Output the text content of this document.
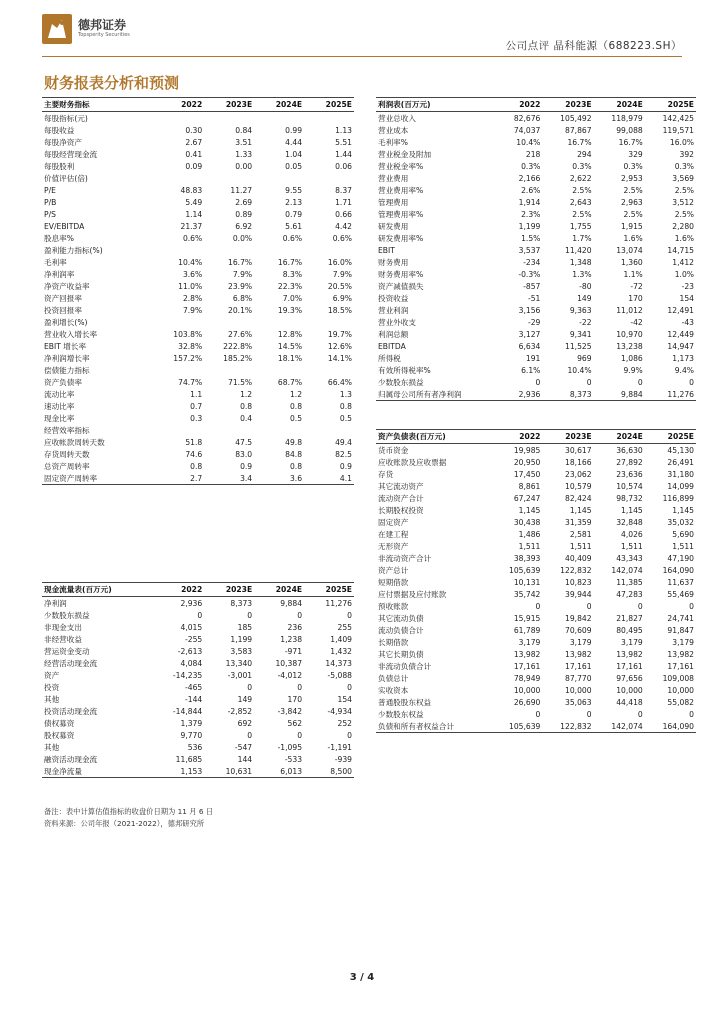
德邦证券
Topsperity Securities
公司点评 晶科能源（688223.SH）
财务报表分析和预测
主要财务指标	2022	2023E	2024E	2025E
每股指标(元)				
每股收益	0.30	0.84	0.99	1.13
每股净资产	2.67	3.51	4.44	5.51
每股经营现金流	0.41	1.33	1.04	1.44
每股股利	0.09	0.00	0.05	0.06
价值评估(倍)				
P/E	48.83	11.27	9.55	8.37
P/B	5.49	2.69	2.13	1.71
P/S	1.14	0.89	0.79	0.66
EV/EBITDA	21.37	6.92	5.61	4.42
股息率%	0.6%	0.0%	0.6%	0.6%
盈利能力指标(%)				
毛利率	10.4%	16.7%	16.7%	16.0%
净利润率	3.6%	7.9%	8.3%	7.9%
净资产收益率	11.0%	23.9%	22.3%	20.5%
资产回报率	2.8%	6.8%	7.0%	6.9%
投资回报率	7.9%	20.1%	19.3%	18.5%
盈利增长(%)				
营业收入增长率	103.8%	27.6%	12.8%	19.7%
EBIT 增长率	32.8%	222.8%	14.5%	12.6%
净利润增长率	157.2%	185.2%	18.1%	14.1%
偿债能力指标				
资产负债率	74.7%	71.5%	68.7%	66.4%
流动比率	1.1	1.2	1.2	1.3
速动比率	0.7	0.8	0.8	0.8
现金比率	0.3	0.4	0.5	0.5
经营效率指标				
应收帐款周转天数	51.8	47.5	49.8	49.4
存货周转天数	74.6	83.0	84.8	82.5
总资产周转率	0.8	0.9	0.8	0.9
固定资产周转率	2.7	3.4	3.6	4.1
利润表(百万元)	2022	2023E	2024E	2025E
营业总收入	82,676	105,492	118,979	142,425
营业成本	74,037	87,867	99,088	119,571
毛利率%	10.4%	16.7%	16.7%	16.0%
营业税金及附加	218	294	329	392
营业税金率%	0.3%	0.3%	0.3%	0.3%
营业费用	2,166	2,622	2,953	3,569
营业费用率%	2.6%	2.5%	2.5%	2.5%
管理费用	1,914	2,643	2,963	3,512
管理费用率%	2.3%	2.5%	2.5%	2.5%
研发费用	1,199	1,755	1,915	2,280
研发费用率%	1.5%	1.7%	1.6%	1.6%
EBIT	3,537	11,420	13,074	14,715
财务费用	-234	1,348	1,360	1,412
财务费用率%	-0.3%	1.3%	1.1%	1.0%
资产减值损失	-857	-80	-72	-23
投资收益	-51	149	170	154
营业利润	3,156	9,363	11,012	12,491
营业外收支	-29	-22	-42	-43
利润总额	3,127	9,341	10,970	12,449
EBITDA	6,634	11,525	13,238	14,947
所得税	191	969	1,086	1,173
有效所得税率%	6.1%	10.4%	9.9%	9.4%
少数股东损益	0	0	0	0
归属母公司所有者净利润	2,936	8,373	9,884	11,276
资产负债表(百万元)	2022	2023E	2024E	2025E
货币资金	19,985	30,617	36,630	45,130
应收账款及应收票据	20,950	18,166	27,892	26,491
存货	17,450	23,062	23,636	31,180
其它流动资产	8,861	10,579	10,574	14,099
流动资产合计	67,247	82,424	98,732	116,899
长期股权投资	1,145	1,145	1,145	1,145
固定资产	30,438	31,359	32,848	35,032
在建工程	1,486	2,581	4,026	5,690
无形资产	1,511	1,511	1,511	1,511
非流动资产合计	38,393	40,409	43,343	47,190
资产总计	105,639	122,832	142,074	164,090
短期借款	10,131	10,823	11,385	11,637
应付票据及应付账款	35,742	39,944	47,283	55,469
预收账款	0	0	0	0
其它流动负债	15,915	19,842	21,827	24,741
流动负债合计	61,789	70,609	80,495	91,847
长期借款	3,179	3,179	3,179	3,179
其它长期负债	13,982	13,982	13,982	13,982
非流动负债合计	17,161	17,161	17,161	17,161
负债总计	78,949	87,770	97,656	109,008
实收资本	10,000	10,000	10,000	10,000
普通股股东权益	26,690	35,063	44,418	55,082
少数股东权益	0	0	0	0
负债和所有者权益合计	105,639	122,832	142,074	164,090
现金流量表(百万元)	2022	2023E	2024E	2025E
净利润	2,936	8,373	9,884	11,276
少数股东损益	0	0	0	0
非现金支出	4,015	185	236	255
非经营收益	-255	1,199	1,238	1,409
营运资金变动	-2,613	3,583	-971	1,432
经营活动现金流	4,084	13,340	10,387	14,373
资产	-14,235	-3,001	-4,012	-5,088
投资	-465	0	0	0
其他	-144	149	170	154
投资活动现金流	-14,844	-2,852	-3,842	-4,934
债权募资	1,379	692	562	252
股权募资	9,770	0	0	0
其他	536	-547	-1,095	-1,191
融资活动现金流	11,685	144	-533	-939
现金净流量	1,153	10,631	6,013	8,500
备注：表中计算估值指标的收盘价日期为 11 月 6 日
资料来源：公司年报（2021-2022），德邦研究所
3 / 4
